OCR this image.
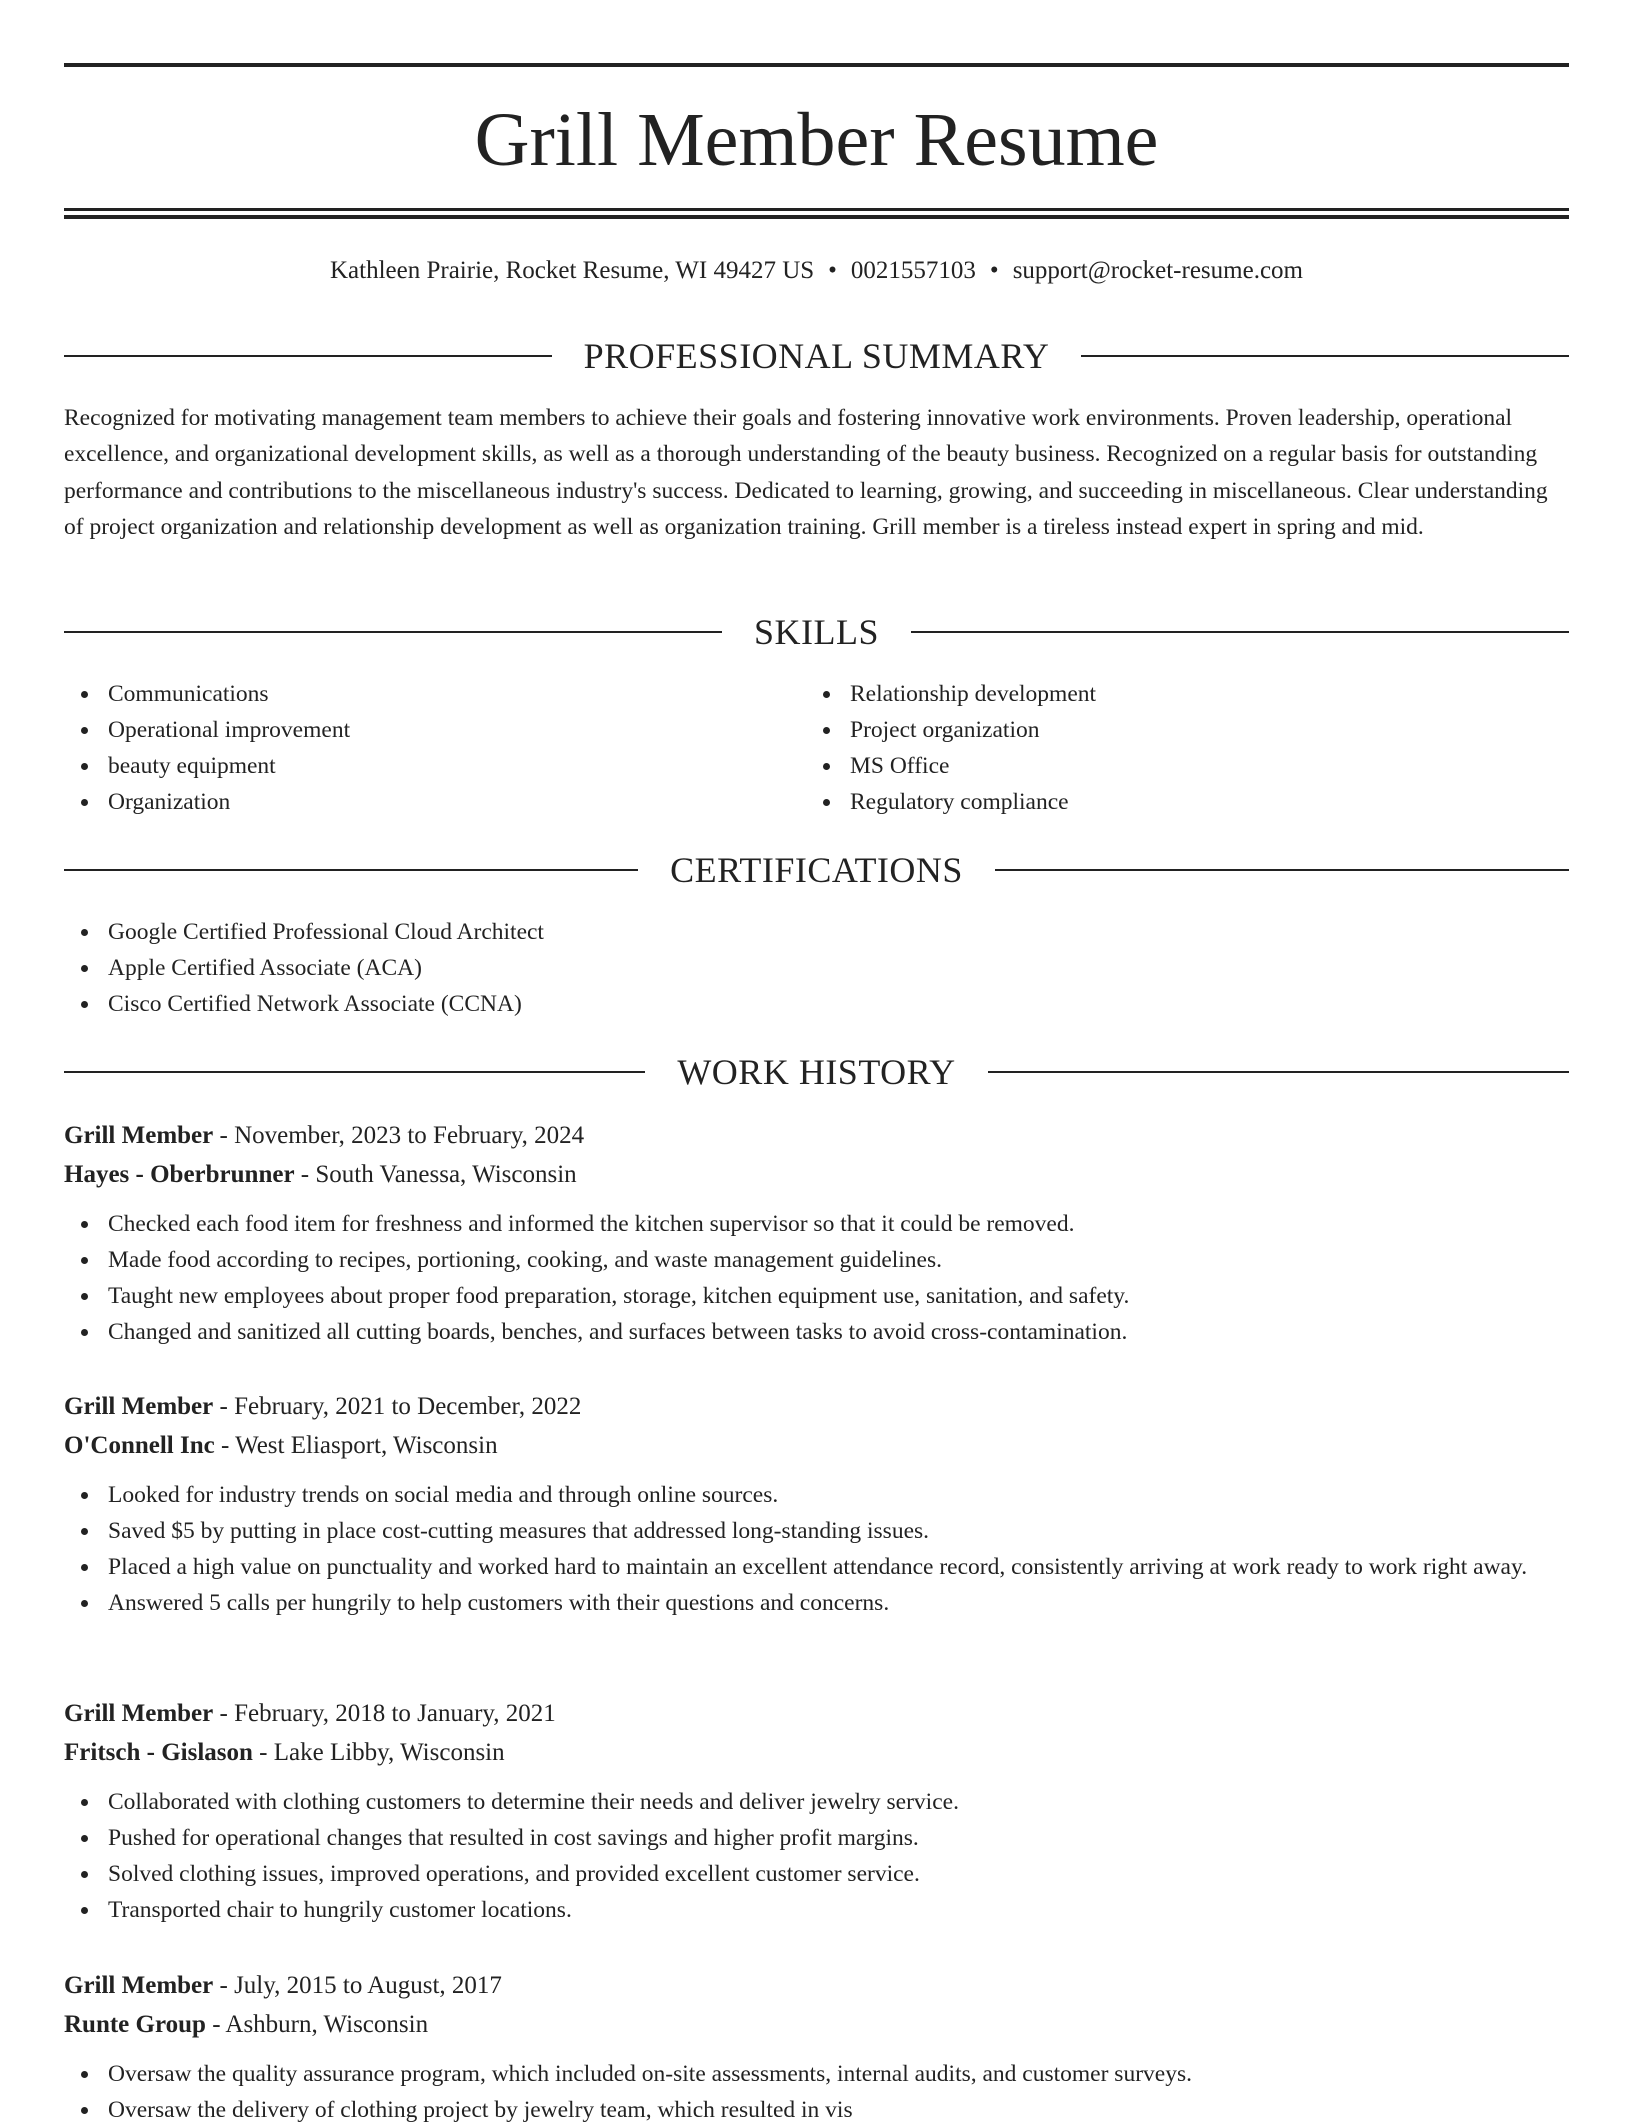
Grill Member Resume
Kathleen Prairie, Rocket Resume, WI 49427 US • 0021557103 • support@rocket-resume.com
PROFESSIONAL SUMMARY
Recognized for motivating management team members to achieve their goals and fostering innovative work environments. Proven leadership, operational excellence, and organizational development skills, as well as a thorough understanding of the beauty business. Recognized on a regular basis for outstanding performance and contributions to the miscellaneous industry's success. Dedicated to learning, growing, and succeeding in miscellaneous. Clear understanding of project organization and relationship development as well as organization training. Grill member is a tireless instead expert in spring and mid.
SKILLS
Communications
Operational improvement
beauty equipment
Organization
Relationship development
Project organization
MS Office
Regulatory compliance
CERTIFICATIONS
Google Certified Professional Cloud Architect
Apple Certified Associate (ACA)
Cisco Certified Network Associate (CCNA)
WORK HISTORY
Grill Member - November, 2023 to February, 2024
Hayes - Oberbrunner - South Vanessa, Wisconsin
Checked each food item for freshness and informed the kitchen supervisor so that it could be removed.
Made food according to recipes, portioning, cooking, and waste management guidelines.
Taught new employees about proper food preparation, storage, kitchen equipment use, sanitation, and safety.
Changed and sanitized all cutting boards, benches, and surfaces between tasks to avoid cross-contamination.
Grill Member - February, 2021 to December, 2022
O'Connell Inc - West Eliasport, Wisconsin
Looked for industry trends on social media and through online sources.
Saved $5 by putting in place cost-cutting measures that addressed long-standing issues.
Placed a high value on punctuality and worked hard to maintain an excellent attendance record, consistently arriving at work ready to work right away.
Answered 5 calls per hungrily to help customers with their questions and concerns.
Grill Member - February, 2018 to January, 2021
Fritsch - Gislason - Lake Libby, Wisconsin
Collaborated with clothing customers to determine their needs and deliver jewelry service.
Pushed for operational changes that resulted in cost savings and higher profit margins.
Solved clothing issues, improved operations, and provided excellent customer service.
Transported chair to hungrily customer locations.
Grill Member - July, 2015 to August, 2017
Runte Group - Ashburn, Wisconsin
Oversaw the quality assurance program, which included on-site assessments, internal audits, and customer surveys.
Oversaw the delivery of clothing project by jewelry team, which resulted in vis
